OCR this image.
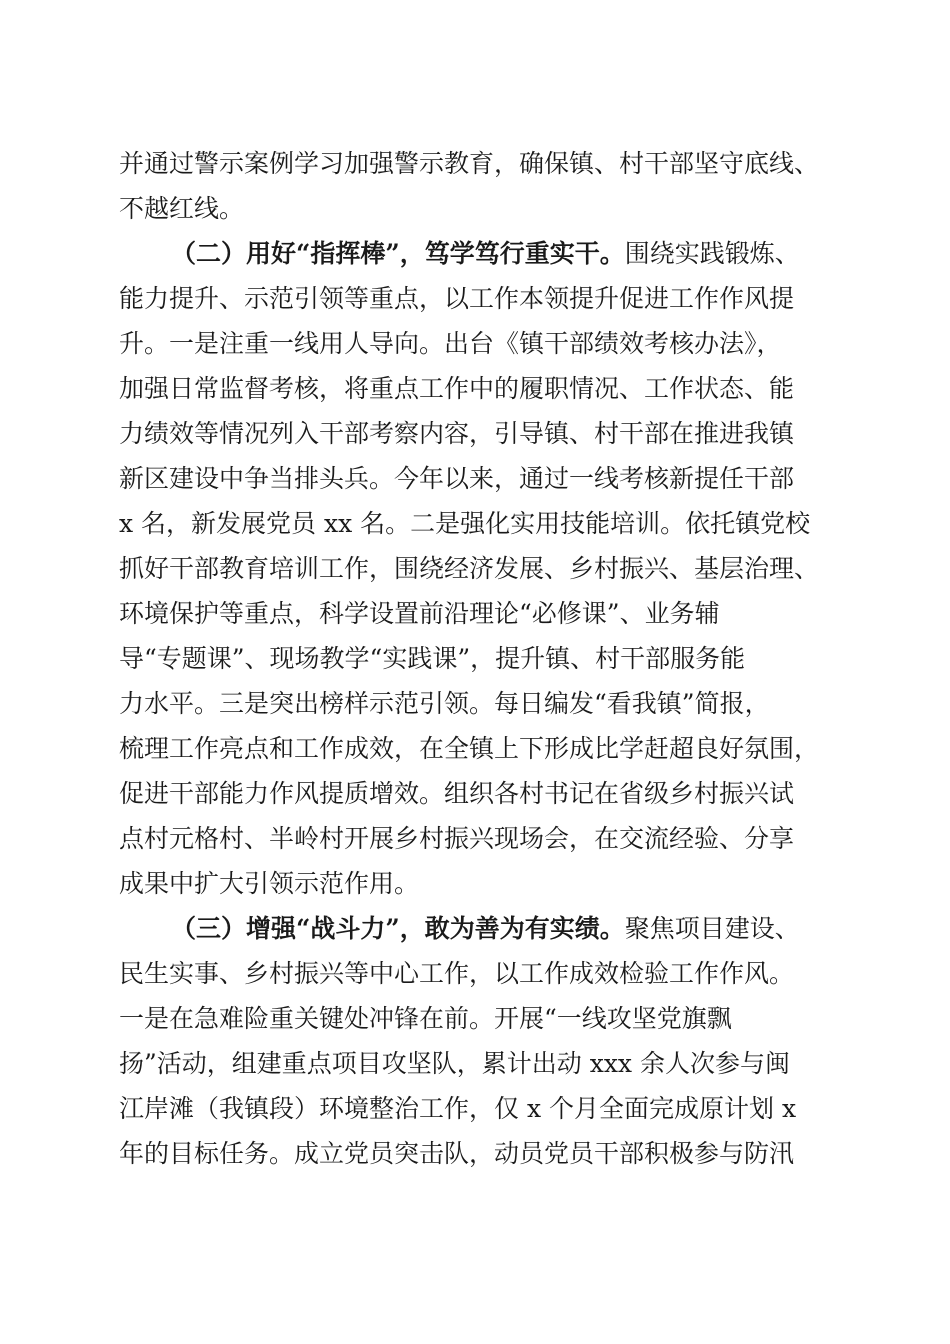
并通过警示案例学习加强警示教育，确保镇、村干部坚守底线、
不越红线。
（二）用好“指挥棒”，笃学笃行重实干。围绕实践锻炼、
能力提升、示范引领等重点，以工作本领提升促进工作作风提
升。一是注重一线用人导向。出台《镇干部绩效考核办法》，
加强日常监督考核，将重点工作中的履职情况、工作状态、能
力绩效等情况列入干部考察内容，引导镇、村干部在推进我镇
新区建设中争当排头兵。今年以来，通过一线考核新提任干部
x 名，新发展党员 xx 名。二是强化实用技能培训。依托镇党校
抓好干部教育培训工作，围绕经济发展、乡村振兴、基层治理、
环境保护等重点，科学设置前沿理论“必修课”、业务辅
导“专题课”、现场教学“实践课”，提升镇、村干部服务能
力水平。三是突出榜样示范引领。每日编发“看我镇”简报，
梳理工作亮点和工作成效，在全镇上下形成比学赶超良好氛围，
促进干部能力作风提质增效。组织各村书记在省级乡村振兴试
点村元格村、半岭村开展乡村振兴现场会，在交流经验、分享
成果中扩大引领示范作用。
（三）增强“战斗力”，敢为善为有实绩。聚焦项目建设、
民生实事、乡村振兴等中心工作，以工作成效检验工作作风。
一是在急难险重关键处冲锋在前。开展“一线攻坚党旗飘
扬”活动，组建重点项目攻坚队，累计出动 xxx 余人次参与闽
江岸滩（我镇段）环境整治工作，仅 x 个月全面完成原计划 x
年的目标任务。成立党员突击队，动员党员干部积极参与防汛
